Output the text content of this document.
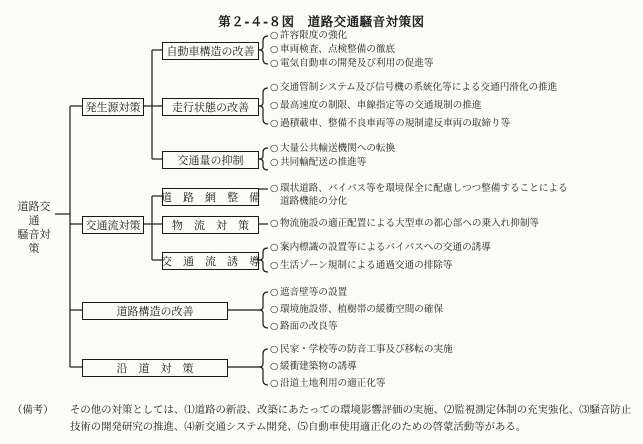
第２-４-８図　道路交通騒音対策図
道路交通
騒音対策
発生源対策
交通流対策
道路構造の改善
沿　道　対　策
自動車構造の改善
走行状態の改善
交通量の抑制
道　路　網　整　備
物　流　対　策
交　通　流　誘　導
○ 許容限度の強化
○ 車両検査、点検整備の徹底
○ 電気自動車の開発及び利用の促進等
○ 交通管制システム及び信号機の系統化等による交通円滑化の推進
○ 最高速度の制限、車線指定等の交通規制の推進
○ 過積載車、整備不良車両等の規制違反車両の取締り等
○ 大量公共輸送機関への転換
○ 共同輸配送の推進等
○ 環状道路、バイパス等を環境保全に配慮しつつ整備することによる
道路機能の分化
○ 物流施設の適正配置による大型車の都心部への乗入れ抑制等
○ 案内標識の設置等によるバイパスへの交通の誘導
○ 生活ゾーン規制による通過交通の排除等
○ 遮音壁等の設置
○ 環境施設帯、植樹帯の緩衝空間の確保
○ 路面の改良等
○ 民家・学校等の防音工事及び移転の実施
○ 緩衝建築物の誘導
○ 沿道土地利用の適正化等
（備考） その他の対策としては、⑴道路の新設、改築にあたっての環境影響評価の実施、⑵監視測定体制の充実強化、⑶騒音防止
技術の開発研究の推進、⑷新交通システム開発、⑸自動車使用適正化のための啓蒙活動等がある。
